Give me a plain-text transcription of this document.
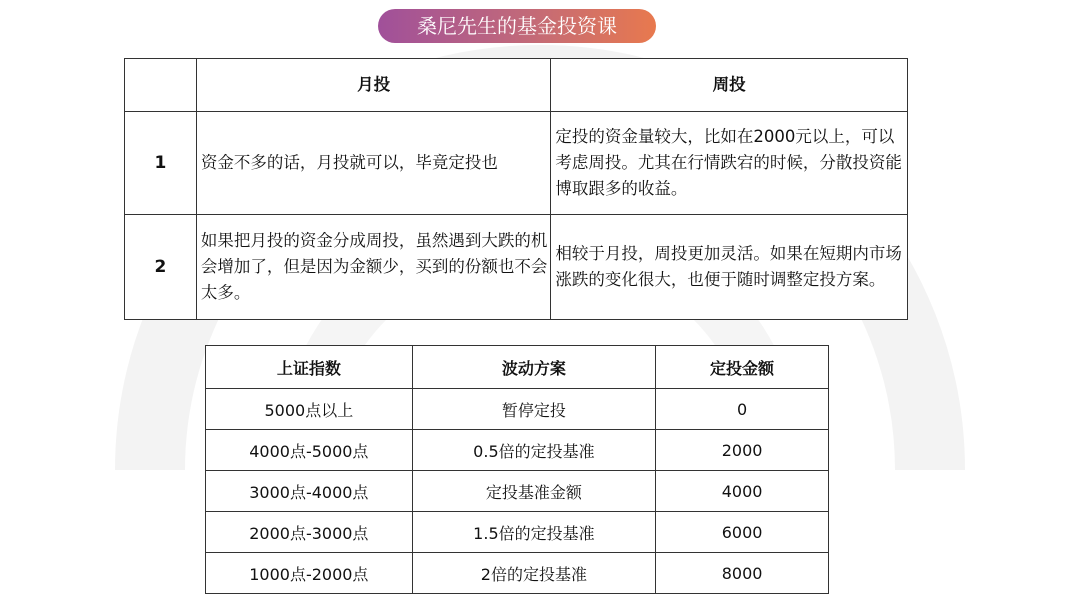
桑尼先生的基金投资课
	月投	周投
1	资金不多的话，月投就可以，毕竟定投也	定投的资金量较大，比如在2000元以上，可以考虑周投。尤其在行情跌宕的时候，分散投资能博取跟多的收益。
2	如果把月投的资金分成周投，虽然遇到大跌的机会增加了，但是因为金额少，买到的份额也不会太多。	相较于月投，周投更加灵活。如果在短期内市场涨跌的变化很大，也便于随时调整定投方案。
上证指数	波动方案	定投金额
5000点以上	暂停定投	0
4000点-5000点	0.5倍的定投基准	2000
3000点-4000点	定投基准金额	4000
2000点-3000点	1.5倍的定投基准	6000
1000点-2000点	2倍的定投基准	8000
